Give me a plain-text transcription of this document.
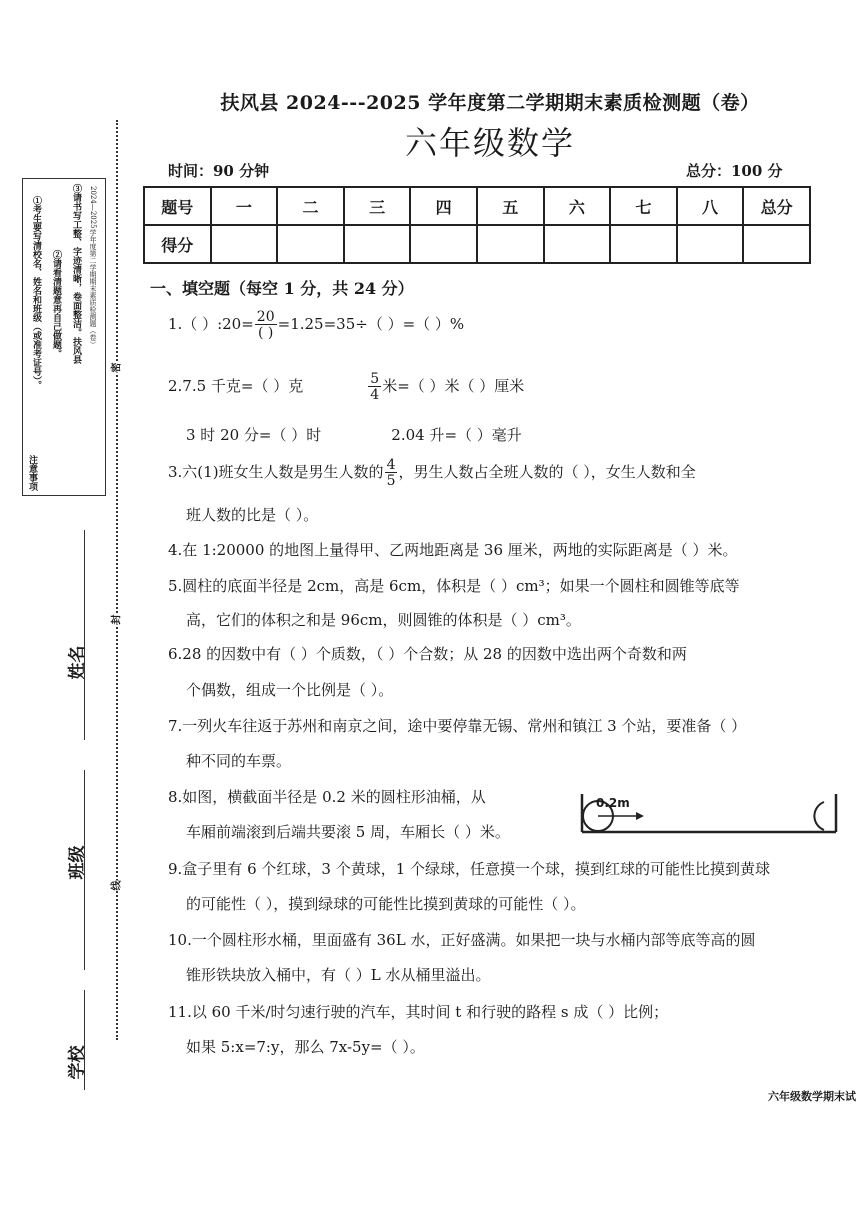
注意事项
①考生要写清校名、姓名和班级（或准考证号）。 ②请看清题意再自己做题。 ③请书写工整、字迹清晰，卷面整洁。扶风县 2024—2025学年度第二学期期末素质检测题（卷）
密
封
线
姓名
班级
学校
扶风县 2024---2025 学年度第二学期期末素质检测题（卷）
六年级数学
时间：90 分钟	总分：100 分
题号	一	二	三	四	五	六	七	八	总分
得分									
一、填空题（每空 1 分，共 24 分）
1.（ ）:20= $\frac{20}{( )} =1.25=35\div$（ ）=（ ）%
2.7.5 千克=（ ）克	$\frac{5}{4}$ 米=（ ）米（ ）厘米
3 时 20 分=（ ）时	2.04 升=（ ）毫升
3.六(1)班女生人数是男生人数的 $\frac{4}{5}$ ，男生人数占全班人数的（ ），女生人数和全
班人数的比是（ ）。
4.在 1:20000 的地图上量得甲、乙两地距离是 36 厘米，两地的实际距离是（ ）米。
5.圆柱的底面半径是 2cm，高是 6cm，体积是（ ）cm³；如果一个圆柱和圆锥等底等
高，它们的体积之和是 96cm，则圆锥的体积是（ ）cm³。
6.28 的因数中有（ ）个质数，（ ）个合数；从 28 的因数中选出两个奇数和两
个偶数，组成一个比例是（ ）。
7.一列火车往返于苏州和南京之间，途中要停靠无锡、常州和镇江 3 个站，要准备（ ）
种不同的车票。
8.如图，横截面半径是 0.2 米的圆柱形油桶，从
车厢前端滚到后端共要滚 5 周，车厢长（ ）米。
0.2m
9.盒子里有 6 个红球，3 个黄球，1 个绿球，任意摸一个球，摸到红球的可能性比摸到黄球
的可能性（ ），摸到绿球的可能性比摸到黄球的可能性（ ）。
10.一个圆柱形水桶，里面盛有 36L 水，正好盛满。如果把一块与水桶内部等底等高的圆
锥形铁块放入桶中，有（ ）L 水从桶里溢出。
11.以 60 千米/时匀速行驶的汽车，其时间 t 和行驶的路程 s 成（ ）比例；
如果 5:x=7:y，那么 7x-5y=（ ）。
六年级数学期末试
